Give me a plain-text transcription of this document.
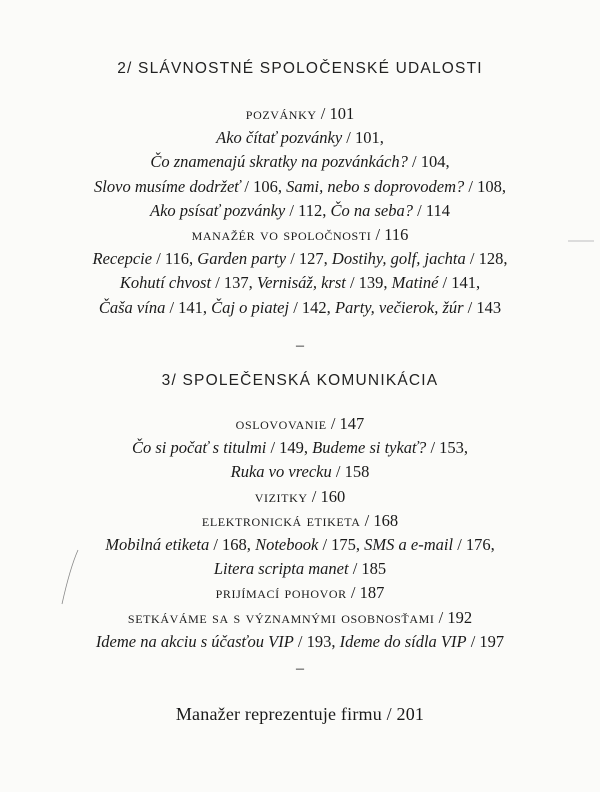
2/ SLÁVNOSTNÉ SPOLOČENSKÉ UDALOSTI
pozvánky / 101
Ako čítať pozvánky / 101,
Čo znamenajú skratky na pozvánkách? / 104,
Slovo musíme dodržeť / 106, Sami, nebo s doprovodem? / 108,
Ako psísať pozvánky / 112, Čo na seba? / 114
manažér vo spoločnosti / 116
Recepcie / 116, Garden party / 127, Dostihy, golf, jachta / 128,
Kohutí chvost / 137, Vernisáž, krst / 139, Matiné / 141,
Čaša vína / 141, Čaj o piatej / 142, Party, večierok, žúr / 143
–
3/ SPOLEČENSKÁ KOMUNIKÁCIA
oslovovanie / 147
Čo si počať s titulmi / 149, Budeme si tykať? / 153,
Ruka vo vrecku / 158
vizitky / 160
elektronická etiketa / 168
Mobilná etiketa / 168, Notebook / 175, SMS a e-mail / 176,
Litera scripta manet / 185
prijímací pohovor / 187
setkáváme sa s významnými osobnosťami / 192
Ideme na akciu s účasťou VIP / 193, Ideme do sídla VIP / 197
–
Manažer reprezentuje firmu / 201
